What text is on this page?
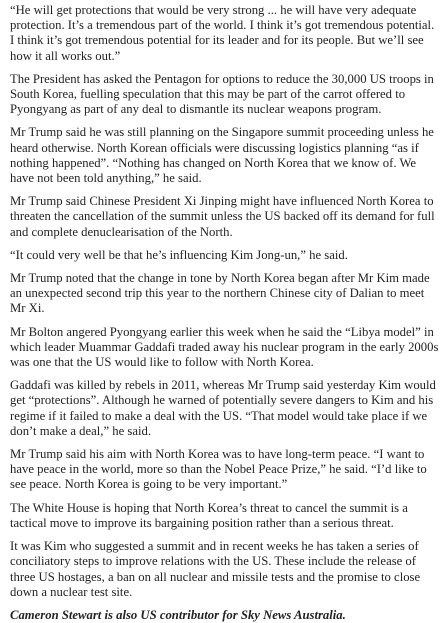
“He will get protections that would be very strong ... he will have very adequate protection. It’s a tremendous part of the world. I think it’s got tremendous potential. I think it’s got tremendous potential for its leader and for its people. But we’ll see how it all works out.”

The President has asked the Pentagon for options to reduce the 30,000 US troops in South Korea, fuelling speculation that this may be part of the carrot offered to Pyongyang as part of any deal to dismantle its nuclear weapons program.

Mr Trump said he was still planning on the Singapore summit proceeding unless he heard otherwise. North Korean officials were discussing logistics planning “as if nothing happened”. “Nothing has changed on North Korea that we know of. We have not been told anything,” he said.

Mr Trump said Chinese President Xi Jinping might have influenced North Korea to threaten the cancellation of the summit unless the US backed off its demand for full and complete denuclearisation of the North.

“It could very well be that he’s influencing Kim Jong-un,” he said.

Mr Trump noted that the change in tone by North Korea began after Mr Kim made an unexpected second trip this year to the northern Chinese city of Dalian to meet Mr Xi.

Mr Bolton angered Pyongyang earlier this week when he said the “Libya model” in which leader Muammar Gaddafi traded away his nuclear program in the early 2000s was one that the US would like to follow with North Korea.

Gaddafi was killed by rebels in 2011, whereas Mr Trump said yesterday Kim would get “protections”. Although he warned of potentially severe dangers to Kim and his regime if it failed to make a deal with the US. “That model would take place if we don’t make a deal,” he said.

Mr Trump said his aim with North Korea was to have long-term peace. “I want to have peace in the world, more so than the Nobel Peace Prize,” he said. “I’d like to see peace. North Korea is going to be very important.”

The White House is hoping that North Korea’s threat to cancel the summit is a tactical move to improve its bargaining position rather than a serious threat.

It was Kim who suggested a summit and in recent weeks he has taken a series of conciliatory steps to improve relations with the US. These include the release of three US hostages, a ban on all nuclear and missile tests and the promise to close down a nuclear test site.

Cameron Stewart is also US contributor for Sky News Australia.
